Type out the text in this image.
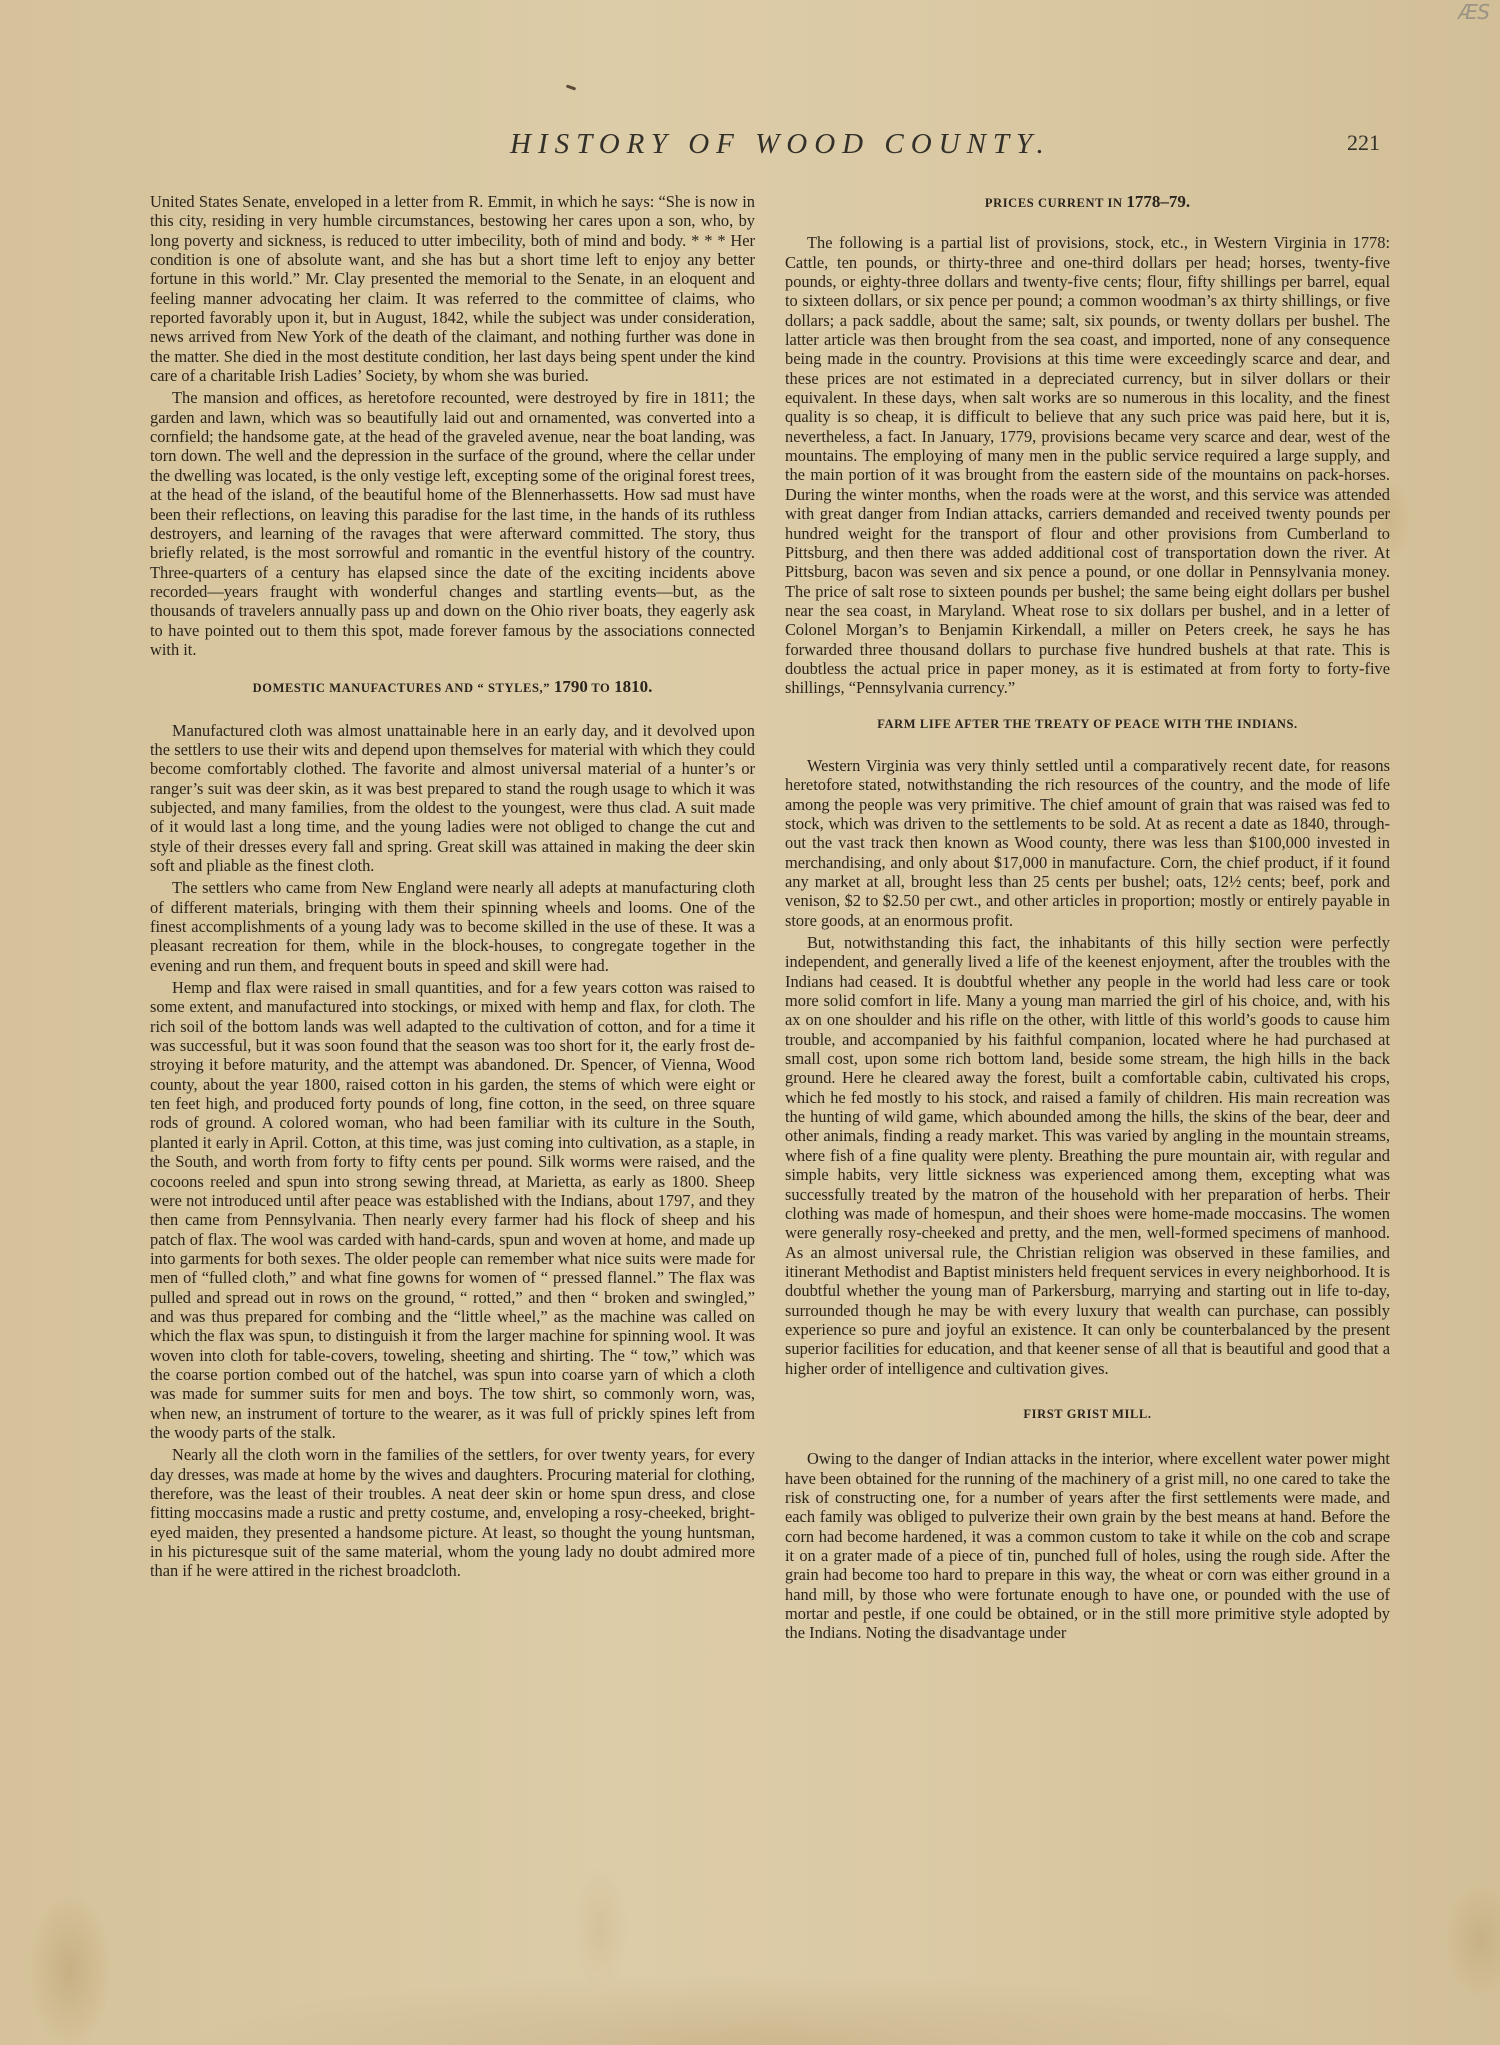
ÆS
HISTORY OF WOOD COUNTY.	221

United States Senate, enveloped in a letter from R. Emmit, in which he says: “She is now in this city, residing in very humble circumstances, bestowing her cares upon a son, who, by long poverty and sickness, is reduced to utter imbecility, both of mind and body. * * * Her condition is one of absolute want, and she has but a short time left to enjoy any better fortune in this world.” Mr. Clay presented the memorial to the Senate, in an eloquent and feeling manner advocating her claim. It was referred to the committee of claims, who reported favorably upon it, but in August, 1842, while the subject was under consideration, news arrived from New York of the death of the claimant, and nothing further was done in the matter. She died in the most destitute condition, her last days being spent under the kind care of a charitable Irish Ladies’ Society, by whom she was buried.

The mansion and offices, as heretofore recounted, were destroyed by fire in 1811; the garden and lawn, which was so beautifully laid out and ornamented, was converted into a cornfield; the handsome gate, at the head of the graveled avenue, near the boat landing, was torn down. The well and the depression in the surface of the ground, where the cellar under the dwelling was located, is the only vestige left, excepting some of the original forest trees, at the head of the island, of the beautiful home of the Blennerhassetts. How sad must have been their reflections, on leaving this paradise for the last time, in the hands of its ruthless destroyers, and learning of the ravages that were afterward committed. The story, thus briefly related, is the most sorrowful and romantic in the eventful history of the country. Three-quarters of a century has elapsed since the date of the exciting incidents above recorded—years fraught with wonderful changes and startling events—but, as the thousands of travelers annually pass up and down on the Ohio river boats, they eagerly ask to have pointed out to them this spot, made forever famous by the associations connected with it.

DOMESTIC MANUFACTURES AND “ STYLES,” 1790 TO 1810.

Manufactured cloth was almost unattainable here in an early day, and it devolved upon the settlers to use their wits and depend upon themselves for material with which they could become comfortably clothed. The favorite and almost universal material of a hunter’s or ranger’s suit was deer skin, as it was best prepared to stand the rough usage to which it was subjected, and many families, from the oldest to the youngest, were thus clad. A suit made of it would last a long time, and the young ladies were not obliged to change the cut and style of their dresses every fall and spring. Great skill was attained in making the deer skin soft and pliable as the finest cloth.

The settlers who came from New England were nearly all adepts at manufacturing cloth of different materials, bringing with them their spinning wheels and looms. One of the finest accomplishments of a young lady was to become skilled in the use of these. It was a pleasant recreation for them, while in the block-houses, to congregate together in the evening and run them, and frequent bouts in speed and skill were had.

Hemp and flax were raised in small quantities, and for a few years cotton was raised to some extent, and manufactured into stockings, or mixed with hemp and flax, for cloth. The rich soil of the bottom lands was well adapted to the cultivation of cotton, and for a time it was successful, but it was soon found that the season was too short for it, the early frost destroying it before maturity, and the attempt was abandoned. Dr. Spencer, of Vienna, Wood county, about the year 1800, raised cotton in his garden, the stems of which were eight or ten feet high, and produced forty pounds of long, fine cotton, in the seed, on three square rods of ground. A colored woman, who had been familiar with its culture in the South, planted it early in April. Cotton, at this time, was just coming into cultivation, as a staple, in the South, and worth from forty to fifty cents per pound. Silk worms were raised, and the cocoons reeled and spun into strong sewing thread, at Marietta, as early as 1800. Sheep were not introduced until after peace was established with the Indians, about 1797, and they then came from Pennsylvania. Then nearly every farmer had his flock of sheep and his patch of flax. The wool was carded with hand-cards, spun and woven at home, and made up into garments for both sexes. The older people can remember what nice suits were made for men of “fulled cloth,” and what fine gowns for women of “ pressed flannel.” The flax was pulled and spread out in rows on the ground, “ rotted,” and then “ broken and swingled,” and was thus prepared for combing and the “little wheel,” as the machine was called on which the flax was spun, to distinguish it from the larger machine for spinning wool. It was woven into cloth for table-covers, toweling, sheeting and shirting. The “ tow,” which was the coarse portion combed out of the hatchel, was spun into coarse yarn of which a cloth was made for summer suits for men and boys. The tow shirt, so commonly worn, was, when new, an instrument of torture to the wearer, as it was full of prickly spines left from the woody parts of the stalk.

Nearly all the cloth worn in the families of the settlers, for over twenty years, for every day dresses, was made at home by the wives and daughters. Procuring material for clothing, therefore, was the least of their troubles. A neat deer skin or home spun dress, and close fitting moccasins made a rustic and pretty costume, and, enveloping a rosy-cheeked, brighteyed maiden, they presented a handsome picture. At least, so thought the young huntsman, in his picturesque suit of the same material, whom the young lady no doubt admired more than if he were attired in the richest broadcloth.

PRICES CURRENT IN 1778–79.

The following is a partial list of provisions, stock, etc., in Western Virginia in 1778: Cattle, ten pounds, or thirty-three and one-third dollars per head; horses, twenty-five pounds, or eighty-three dollars and twenty-five cents; flour, fifty shillings per barrel, equal to sixteen dollars, or six pence per pound; a common woodman’s ax thirty shillings, or five dollars; a pack saddle, about the same; salt, six pounds, or twenty dollars per bushel. The latter article was then brought from the sea coast, and imported, none of any consequence being made in the country. Provisions at this time were exceedingly scarce and dear, and these prices are not estimated in a depreciated currency, but in silver dollars or their equivalent. In these days, when salt works are so numerous in this locality, and the finest quality is so cheap, it is difficult to believe that any such price was paid here, but it is, nevertheless, a fact. In January, 1779, provisions became very scarce and dear, west of the mountains. The employing of many men in the public service required a large supply, and the main portion of it was brought from the eastern side of the mountains on pack-horses. During the winter months, when the roads were at the worst, and this service was attended with great danger from Indian attacks, carriers demanded and received twenty pounds per hundred weight for the transport of flour and other provisions from Cumberland to Pittsburg, and then there was added additional cost of transportation down the river. At Pittsburg, bacon was seven and six pence a pound, or one dollar in Pennsylvania money. The price of salt rose to sixteen pounds per bushel; the same being eight dollars per bushel near the sea coast, in Maryland. Wheat rose to six dollars per bushel, and in a letter of Colonel Morgan’s to Benjamin Kirkendall, a miller on Peters creek, he says he has forwarded three thousand dollars to purchase five hundred bushels at that rate. This is doubtless the actual price in paper money, as it is estimated at from forty to forty-five shillings, “Pennsylvania currency.”

FARM LIFE AFTER THE TREATY OF PEACE WITH THE INDIANS.

Western Virginia was very thinly settled until a comparatively recent date, for reasons heretofore stated, notwithstanding the rich resources of the country, and the mode of life among the people was very primitive. The chief amount of grain that was raised was fed to stock, which was driven to the settlements to be sold. At as recent a date as 1840, throughout the vast track then known as Wood county, there was less than $100,000 invested in merchandising, and only about $17,000 in manufacture. Corn, the chief product, if it found any market at all, brought less than 25 cents per bushel; oats, 12½ cents; beef, pork and venison, $2 to $2.50 per cwt., and other articles in proportion; mostly or entirely payable in store goods, at an enormous profit.

But, notwithstanding this fact, the inhabitants of this hilly section were perfectly independent, and generally lived a life of the keenest enjoyment, after the troubles with the Indians had ceased. It is doubtful whether any people in the world had less care or took more solid comfort in life. Many a young man married the girl of his choice, and, with his ax on one shoulder and his rifle on the other, with little of this world’s goods to cause him trouble, and accompanied by his faithful companion, located where he had purchased at small cost, upon some rich bottom land, beside some stream, the high hills in the back ground. Here he cleared away the forest, built a comfortable cabin, cultivated his crops, which he fed mostly to his stock, and raised a family of children. His main recreation was the hunting of wild game, which abounded among the hills, the skins of the bear, deer and other animals, finding a ready market. This was varied by angling in the mountain streams, where fish of a fine quality were plenty. Breathing the pure mountain air, with regular and simple habits, very little sickness was experienced among them, excepting what was successfully treated by the matron of the household with her preparation of herbs. Their clothing was made of homespun, and their shoes were home-made moccasins. The women were generally rosy-cheeked and pretty, and the men, well-formed specimens of manhood. As an almost universal rule, the Christian religion was observed in these families, and itinerant Methodist and Baptist ministers held frequent services in every neighborhood. It is doubtful whether the young man of Parkersburg, marrying and starting out in life to-day, surrounded though he may be with every luxury that wealth can purchase, can possibly experience so pure and joyful an existence. It can only be counterbalanced by the present superior facilities for education, and that keener sense of all that is beautiful and good that a higher order of intelligence and cultivation gives.

FIRST GRIST MILL.

Owing to the danger of Indian attacks in the interior, where excellent water power might have been obtained for the running of the machinery of a grist mill, no one cared to take the risk of constructing one, for a number of years after the first settlements were made, and each family was obliged to pulverize their own grain by the best means at hand. Before the corn had become hardened, it was a common custom to take it while on the cob and scrape it on a grater made of a piece of tin, punched full of holes, using the rough side. After the grain had become too hard to prepare in this way, the wheat or corn was either ground in a hand mill, by those who were fortunate enough to have one, or pounded with the use of mortar and pestle, if one could be obtained, or in the still more primitive style adopted by the Indians. Noting the disadvantage under
